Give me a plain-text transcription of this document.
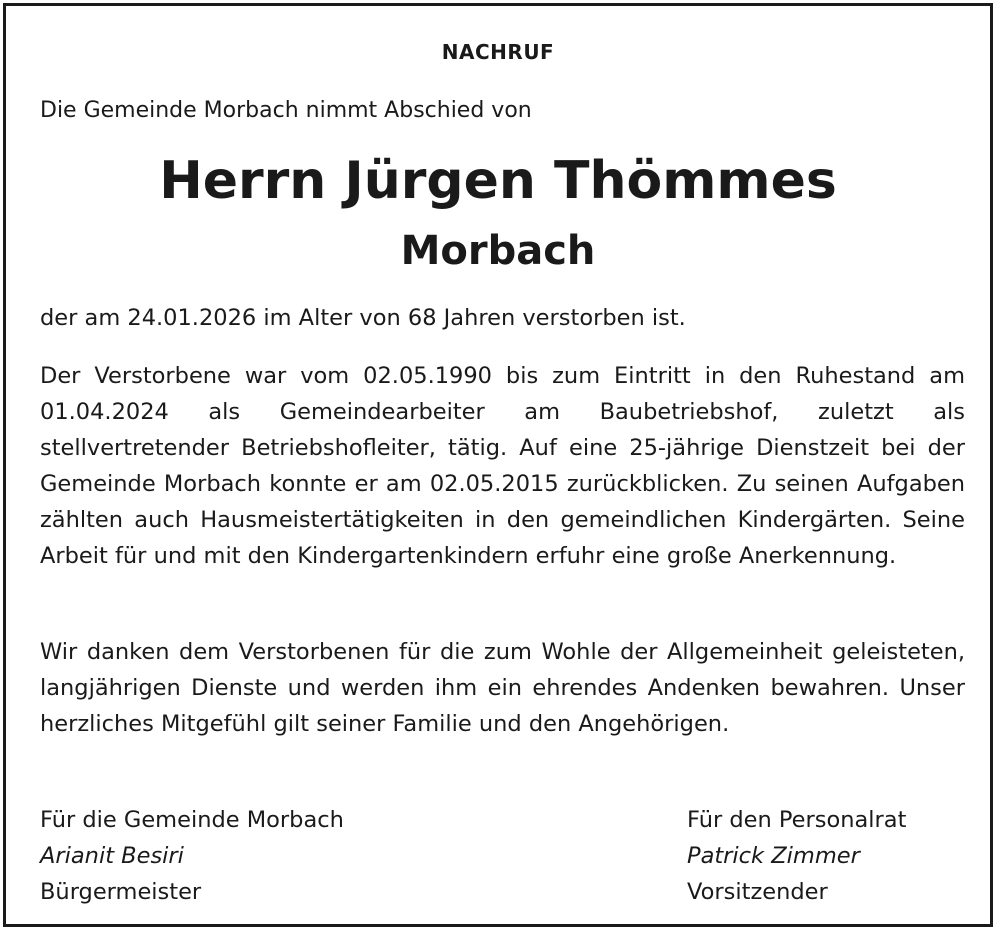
NACHRUF
Die Gemeinde Morbach nimmt Abschied von
Herrn Jürgen Thömmes
Morbach

der am 24.01.2026 im Alter von 68 Jahren verstorben ist.

Der Verstorbene war vom 02.05.1990 bis zum Eintritt in den Ruhestand am 01.04.2024 als Gemeindearbeiter am Baubetriebshof, zuletzt als stellvertretender Betriebshofleiter, tätig. Auf eine 25-jährige Dienstzeit bei der Gemeinde Morbach konnte er am 02.05.2015 zurückblicken. Zu seinen Aufgaben zählten auch Hausmeistertätigkeiten in den gemeindlichen Kindergärten. Seine Arbeit für und mit den Kindergartenkindern erfuhr eine große Anerkennung.

Wir danken dem Verstorbenen für die zum Wohle der Allgemeinheit geleisteten, langjährigen Dienste und werden ihm ein ehrendes Andenken bewahren. Unser herzliches Mitgefühl gilt seiner Familie und den Angehörigen.

Für die Gemeinde Morbach
Arianit Besiri
Bürgermeister
Für den Personalrat
Patrick Zimmer
Vorsitzender
